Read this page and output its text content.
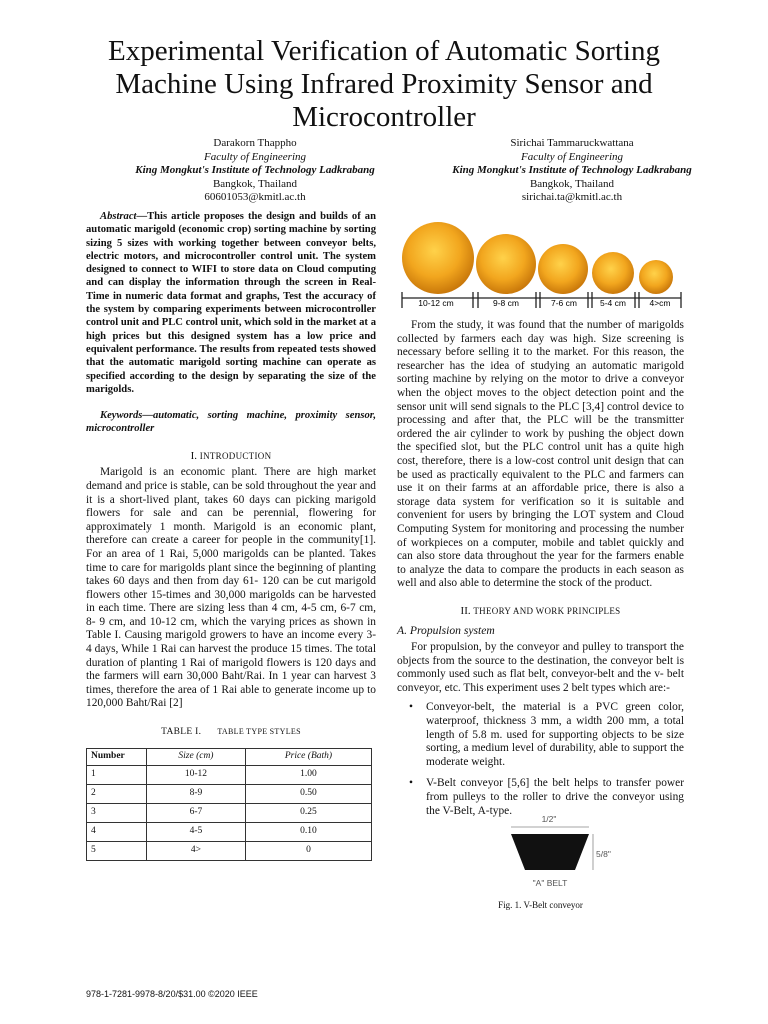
Experimental Verification of Automatic Sorting Machine Using Infrared Proximity Sensor and Microcontroller
Darakorn Thappho
Faculty of Engineering
King Mongkut's Institute of Technology Ladkrabang
Bangkok, Thailand
60601053@kmitl.ac.th
Sirichai Tammaruckwattana
Faculty of Engineering
King Mongkut's Institute of Technology Ladkrabang
Bangkok, Thailand
sirichai.ta@kmitl.ac.th

Abstract—This article proposes the design and builds of an automatic marigold (economic crop) sorting machine by sorting sizing 5 sizes with working together between conveyor belts, electric motors, and microcontroller control unit. The system designed to connect to WIFI to store data on Cloud computing and can display the information through the screen in Real-Time in numeric data format and graphs, Test the accuracy of the system by comparing experiments between microcontroller control unit and PLC control unit, which sold in the market at a high prices but this designed system has a low price and equivalent performance. The results from repeated tests showed that the automatic marigold sorting machine can operate as specified according to the design by separating the size of the marigolds.

Keywords—automatic, sorting machine, proximity sensor, microcontroller

I. INTRODUCTION

Marigold is an economic plant. There are high market demand and price is stable, can be sold throughout the year and it is a short-lived plant, takes 60 days can picking marigold flowers for sale and can be perennial, flowering for approximately 1 month. Marigold is an economic plant, therefore can create a career for people in the community[1]. For an area of 1 Rai, 5,000 marigolds can be planted. Takes time to care for marigolds plant since the beginning of planting takes 60 days and then from day 61- 120 can be cut marigold flowers other 15-times and 30,000 marigolds can be harvested in each time. There are sizing less than 4 cm, 4-5 cm, 6-7 cm, 8- 9 cm, and 10-12 cm, which the varying prices as shown in Table I. Causing marigold growers to have an income every 3-4 days, While 1 Rai can harvest the produce 15 times. The total duration of planting 1 Rai of marigold flowers is 120 days and the farmers will earn 30,000 Baht/Rai. In 1 year can harvest 3 times, therefore the area of 1 Rai able to generate income up to 120,000 Baht/Rai [2]

TABLE I. TABLE TYPE STYLES
Number	Size (cm)	Price (Bath)
1	10-12	1.00
2	8-9	0.50
3	6-7	0.25
4	4-5	0.10
5	4>	0
10-12 cm	9-8 cm	7-6 cm	5-4 cm	4>cm

From the study, it was found that the number of marigolds collected by farmers each day was high. Size screening is necessary before selling it to the market. For this reason, the researcher has the idea of studying an automatic marigold sorting machine by relying on the motor to drive a conveyor when the object moves to the object detection point and the sensor unit will send signals to the PLC [3,4] control device to processing and after that, the PLC will be the transmitter ordered the air cylinder to work by pushing the object down the specified slot, but the PLC control unit has a quite high cost, therefore, there is a low-cost control unit design that can be used as practically equivalent to the PLC and farmers can use it on their farms at an affordable price, there is also a storage data system for verification so it is suitable and convenient for users by bringing the LOT system and Cloud Computing System for monitoring and processing the number of workpieces on a computer, mobile and tablet quickly and can also store data throughout the year for the farmers enable to analyze the data to compare the products in each season as well and also able to determine the stock of the product.

II. THEORY AND WORK PRINCIPLES
A. Propulsion system

For propulsion, by the conveyor and pulley to transport the objects from the source to the destination, the conveyor belt is commonly used such as flat belt, conveyor-belt and the v- belt conveyor, etc. This experiment uses 2 belt types which are:-

• Conveyor-belt, the material is a PVC green color, waterproof, thickness 3 mm, a width 200 mm, a total length of 5.8 m. used for supporting objects to be size sorting, a medium level of durability, able to support the moderate weight.
• V-Belt conveyor [5,6] the belt helps to transfer power from pulleys to the roller to drive the conveyor using the V-Belt, A-type.
1/2"
5/8"
"A" BELT
Fig. 1. V-Belt conveyor
978-1-7281-9978-8/20/$31.00 ©2020 IEEE
